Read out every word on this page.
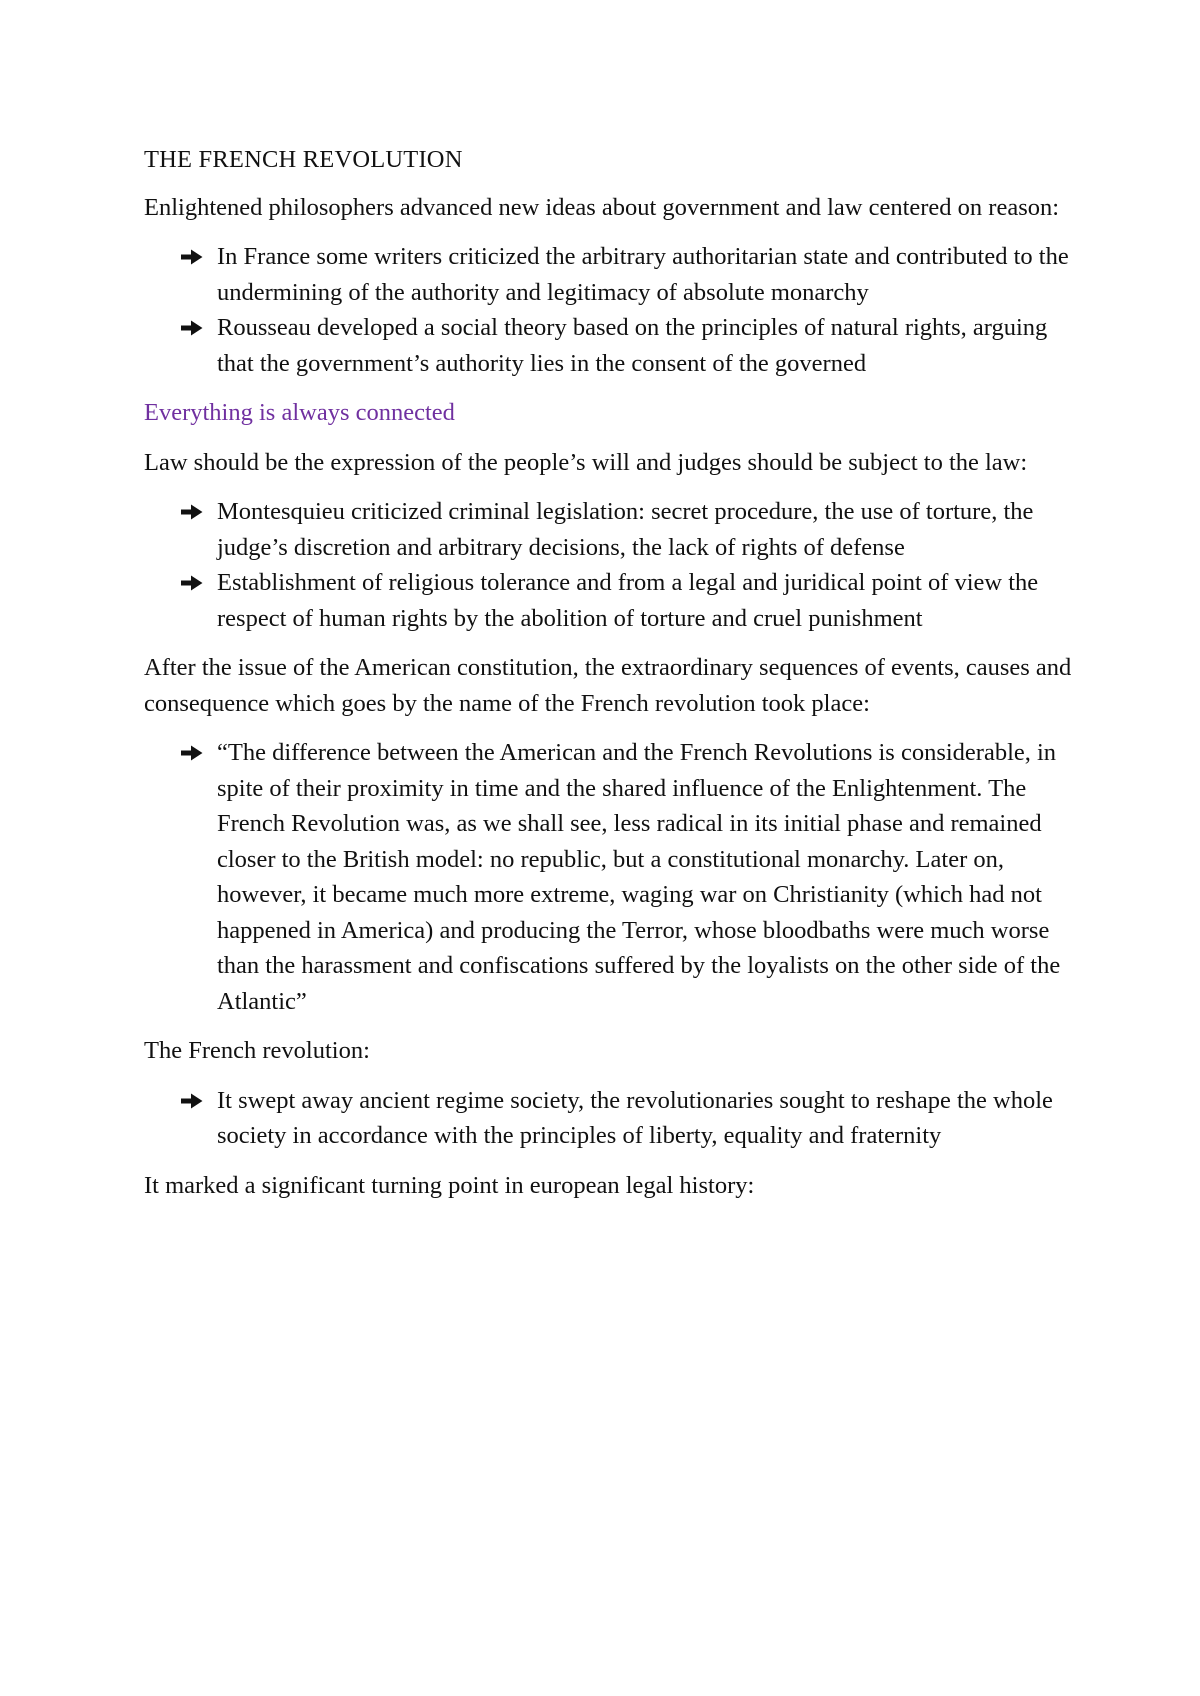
THE FRENCH REVOLUTION

Enlightened philosophers advanced new ideas about government and law centered on reason:

In France some writers criticized the arbitrary authoritarian state and contributed to the undermining of the authority and legitimacy of absolute monarchy
Rousseau developed a social theory based on the principles of natural rights, arguing that the government’s authority lies in the consent of the governed

Everything is always connected

Law should be the expression of the people’s will and judges should be subject to the law:

Montesquieu criticized criminal legislation: secret procedure, the use of torture, the judge’s discretion and arbitrary decisions, the lack of rights of defense
Establishment of religious tolerance and from a legal and juridical point of view the respect of human rights by the abolition of torture and cruel punishment

After the issue of the American constitution, the extraordinary sequences of events, causes and consequence which goes by the name of the French revolution took place:

“The difference between the American and the French Revolutions is considerable, in spite of their proximity in time and the shared influence of the Enlightenment. The French Revolution was, as we shall see, less radical in its initial phase and remained closer to the British model: no republic, but a constitutional monarchy. Later on, however, it became much more extreme, waging war on Christianity (which had not happened in America) and producing the Terror, whose bloodbaths were much worse than the harassment and confiscations suffered by the loyalists on the other side of the Atlantic”

The French revolution:

It swept away ancient regime society, the revolutionaries sought to reshape the whole society in accordance with the principles of liberty, equality and fraternity

It marked a significant turning point in european legal history:
